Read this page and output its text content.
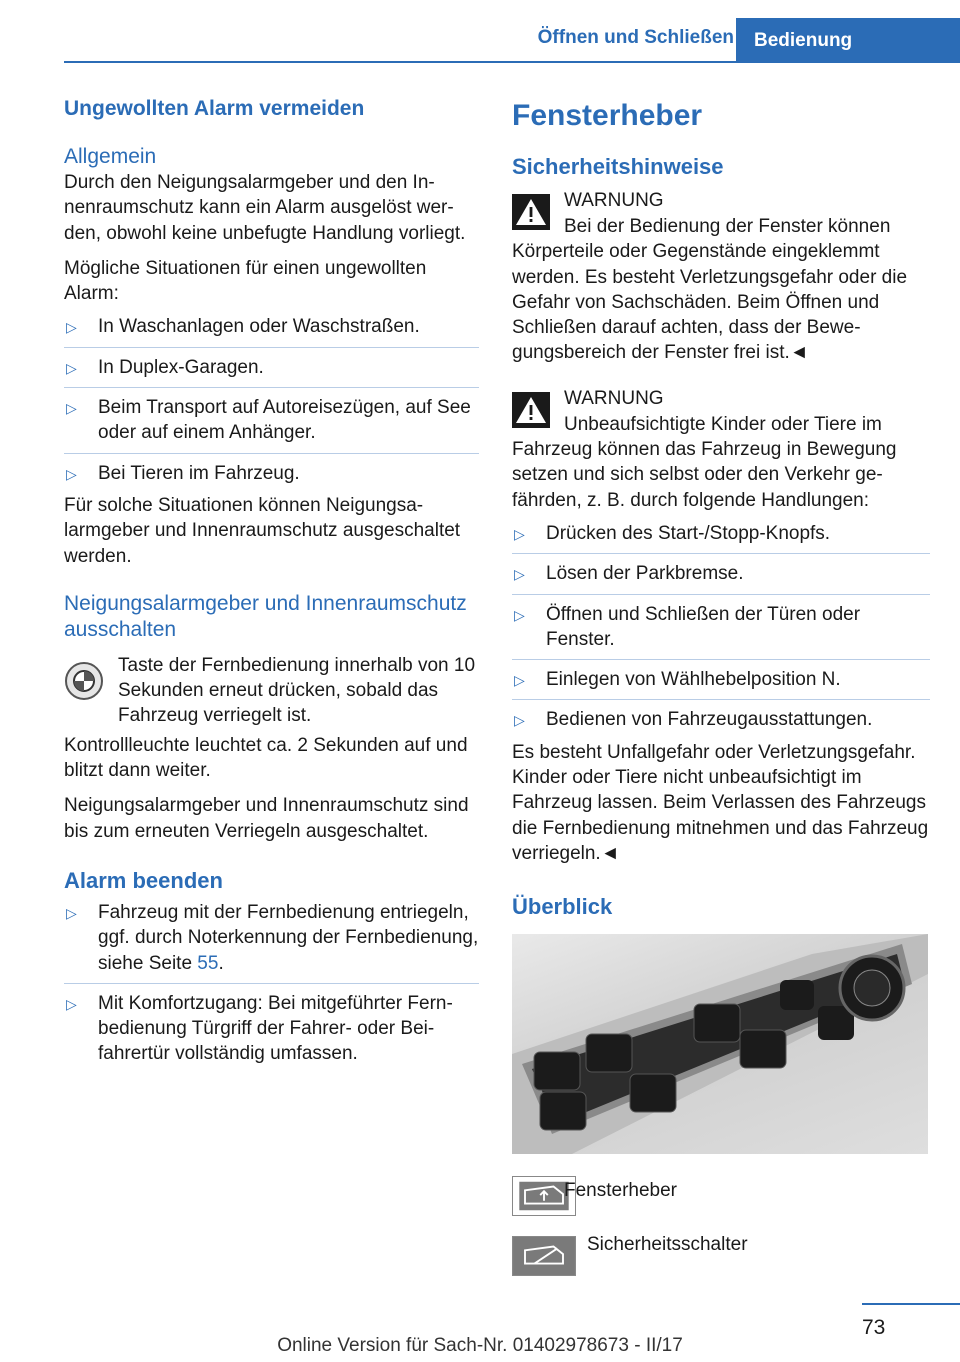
Öffnen und Schließen	Bedienung
Ungewollten Alarm vermeiden
Allgemein

Durch den Neigungsalarmgeber und den Innenraumschutz kann ein Alarm ausgelöst werden, obwohl keine unbefugte Handlung vorliegt.

Mögliche Situationen für einen ungewollten Alarm:

▷ In Waschanlagen oder Waschstraßen.
▷ In Duplex-Garagen.
▷ Beim Transport auf Autoreisezügen, auf See oder auf einem Anhänger.
▷ Bei Tieren im Fahrzeug.

Für solche Situationen können Neigungsalarmgeber und Innenraumschutz ausgeschaltet werden.

Neigungsalarmgeber und Innenraumschutz ausschalten

Taste der Fernbedienung innerhalb von 10 Sekunden erneut drücken, sobald das Fahrzeug verriegelt ist.

Kontrollleuchte leuchtet ca. 2 Sekunden auf und blitzt dann weiter.

Neigungsalarmgeber und Innenraumschutz sind bis zum erneuten Verriegeln ausgeschaltet.

Alarm beenden
▷ Fahrzeug mit der Fernbedienung entriegeln, ggf. durch Noterkennung der Fernbedienung, siehe Seite 55.
▷ Mit Komfortzugang: Bei mitgeführter Fernbedienung Türgriff der Fahrer- oder Beifahrertür vollständig umfassen.
Fensterheber
Sicherheitshinweise
WARNUNG
Bei der Bedienung der Fenster können
Körperteile oder Gegenstände eingeklemmt werden. Es besteht Verletzungsgefahr oder die Gefahr von Sachschäden. Beim Öffnen und Schließen darauf achten, dass der Bewegungsbereich der Fenster frei ist.◄
WARNUNG
Unbeaufsichtigte Kinder oder Tiere im
Fahrzeug können das Fahrzeug in Bewegung setzen und sich selbst oder den Verkehr gefährden, z. B. durch folgende Handlungen:
▷ Drücken des Start-/Stopp-Knopfs.
▷ Lösen der Parkbremse.
▷ Öffnen und Schließen der Türen oder Fenster.
▷ Einlegen von Wählhebelposition N.
▷ Bedienen von Fahrzeugausstattungen.

Es besteht Unfallgefahr oder Verletzungsgefahr. Kinder oder Tiere nicht unbeaufsichtigt im Fahrzeug lassen. Beim Verlassen des Fahrzeugs die Fernbedienung mitnehmen und das Fahrzeug verriegeln.◄

Überblick
Fensterheber
Sicherheitsschalter
73
Online Version für Sach-Nr. 01402978673 - II/17
